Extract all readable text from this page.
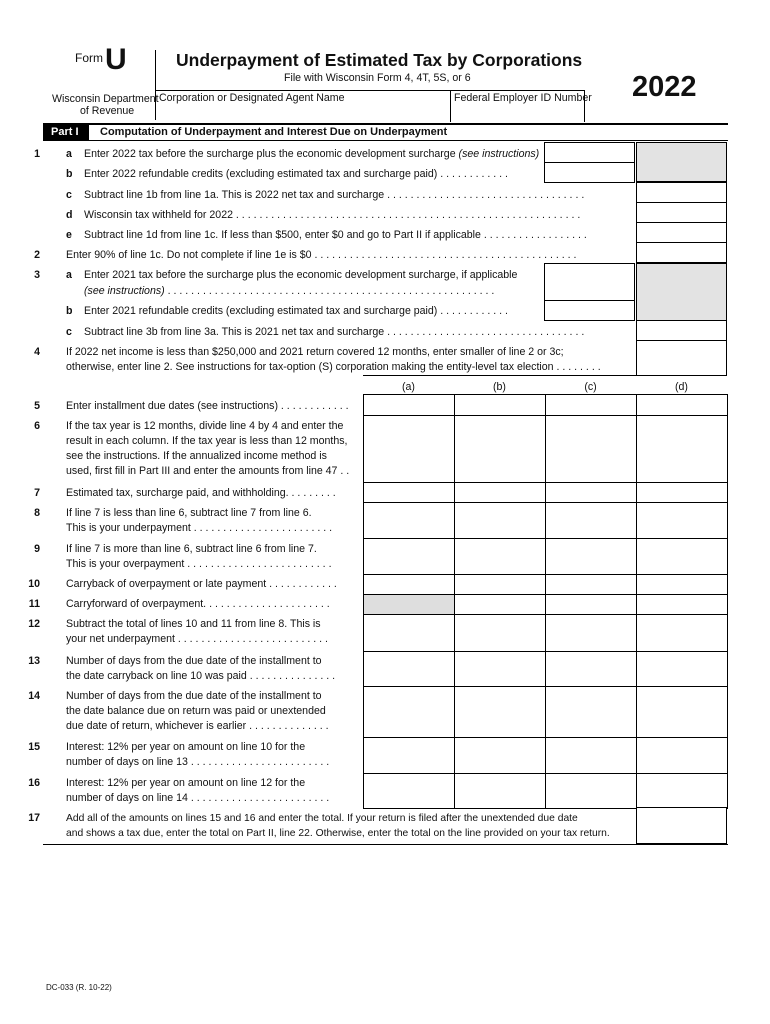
Form U	Underpayment of Estimated Tax by Corporations
File with Wisconsin Form 4, 4T, 5S, or 6	2022
Wisconsin Department
of Revenue
Corporation or Designated Agent Name	Federal Employer ID Number
Part I Computation of Underpayment and Interest Due on Underpayment
1 a Enter 2022 tax before the surcharge plus the economic development surcharge (see instructions)
b Enter 2022 refundable credits (excluding estimated tax and surcharge paid) . . . . . . . . . . . .
c Subtract line 1b from line 1a. This is 2022 net tax and surcharge . . . . . . . . . . . . . . . . . . . . . . . . . . . . . . . . . .
d Wisconsin tax withheld for 2022 . . . . . . . . . . . . . . . . . . . . . . . . . . . . . . . . . . . . . . . . . . . . . . . . . . . . . . . . . . .
e Subtract line 1d from line 1c. If less than $500, enter $0 and go to Part II if applicable . . . . . . . . . . . . . . . . . .
2 Enter 90% of line 1c. Do not complete if line 1e is $0 . . . . . . . . . . . . . . . . . . . . . . . . . . . . . . . . . . . . . . . . . . . . .
3 a Enter 2021 tax before the surcharge plus the economic development surcharge, if applicable
(see instructions) . . . . . . . . . . . . . . . . . . . . . . . . . . . . . . . . . . . . . . . . . . . . . . . . . . . . . . . .
b Enter 2021 refundable credits (excluding estimated tax and surcharge paid) . . . . . . . . . . . .
c Subtract line 3b from line 3a. This is 2021 net tax and surcharge . . . . . . . . . . . . . . . . . . . . . . . . . . . . . . . . . .
4 If 2022 net income is less than $250,000 and 2021 return covered 12 months, enter smaller of line 2 or 3c;
otherwise, enter line 2. See instructions for tax-option (S) corporation making the entity-level tax election . . . . . . . .
(a)	(b)	(c)	(d)
5 Enter installment due dates (see instructions) . . . . . . . . . . . .
6 If the tax year is 12 months, divide line 4 by 4 and enter the
result in each column. If the tax year is less than 12 months,
see the instructions. If the annualized income method is
used, first fill in Part III and enter the amounts from line 47 . .
7 Estimated tax, surcharge paid, and withholding. . . . . . . . .
8 If line 7 is less than line 6, subtract line 7 from line 6.
This is your underpayment . . . . . . . . . . . . . . . . . . . . . . . .
9 If line 7 is more than line 6, subtract line 6 from line 7.
This is your overpayment . . . . . . . . . . . . . . . . . . . . . . . . .
10 Carryback of overpayment or late payment . . . . . . . . . . . .
11 Carryforward of overpayment. . . . . . . . . . . . . . . . . . . . . .
12 Subtract the total of lines 10 and 11 from line 8. This is
your net underpayment . . . . . . . . . . . . . . . . . . . . . . . . . .
13 Number of days from the due date of the installment to
the date carryback on line 10 was paid . . . . . . . . . . . . . . .
14 Number of days from the due date of the installment to
the date balance due on return was paid or unextended
due date of return, whichever is earlier . . . . . . . . . . . . . .
15 Interest: 12% per year on amount on line 10 for the
number of days on line 13 . . . . . . . . . . . . . . . . . . . . . . . .
16 Interest: 12% per year on amount on line 12 for the
number of days on line 14 . . . . . . . . . . . . . . . . . . . . . . . .
17	Add all of the amounts on lines 15 and 16 and enter the total. If your return is filed after the unextended due date
and shows a tax due, enter the total on Part II, line 22. Otherwise, enter the total on the line provided on your tax return.
DC-033 (R. 10-22)
